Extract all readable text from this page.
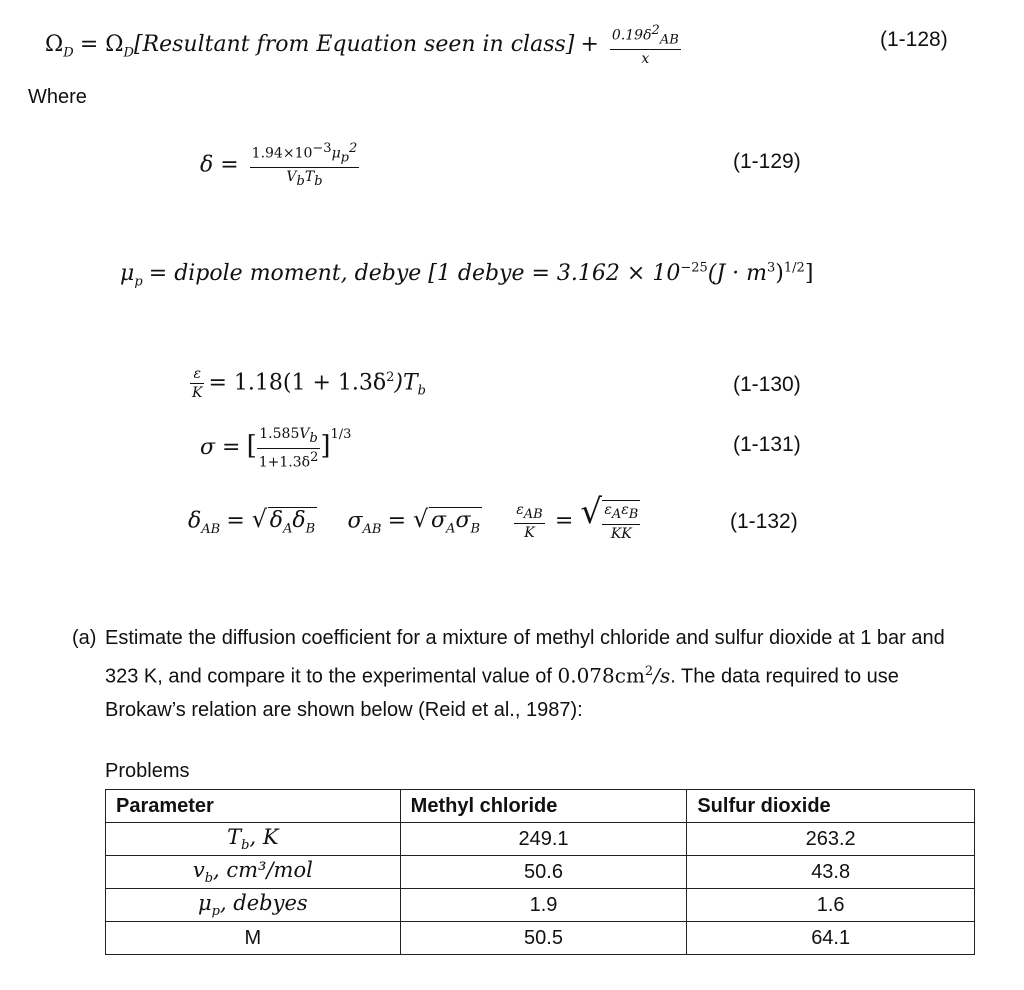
$\Omega_D$ = $\Omega_D[Resultant$ from Equation seen in class] + $\frac{0.19\delta^2_{AB}}{x}$	(1-128)
Where
$\delta = \frac{1.94\times 10^{-3}\mu_p^2}{V_bT_b}$	(1-129)
$\mu_p$ = dipole moment, debye [1 debye = $3.162 \times 10^{-25}(J \cdot m^3)^{1/2}$]
$\frac{\varepsilon}{K} = 1.18(1 + 1.3\delta^2)T_b$	(1-130)
σ = [ $\frac{1.585V_b}{1+1.3\delta^2} ]^{1/3}$	(1-131)
$\delta_{AB}$ = √ $\delta_A\delta_B$ $\sigma_{AB}$ = √ $\sigma_A\sigma_B \frac{\varepsilon_{AB}}{K}$ = √ $\frac{\varepsilon_A\varepsilon_B}{KK}$	(1-132)
(a) Estimate the diffusion coefficient for a mixture of methyl chloride and sulfur dioxide at 1 bar and 323 K, and compare it to the experimental value of $0.078cm^2/s$. The data required to use Brokaw’s relation are shown below (Reid et al., 1987):
Problems
Parameter	Methyl chloride	Sulfur dioxide
$T_b$, K	249.1	263.2
$v_b$, cm³/mol	50.6	43.8
$\mu_p$, debyes	1.9	1.6
M	50.5	64.1
